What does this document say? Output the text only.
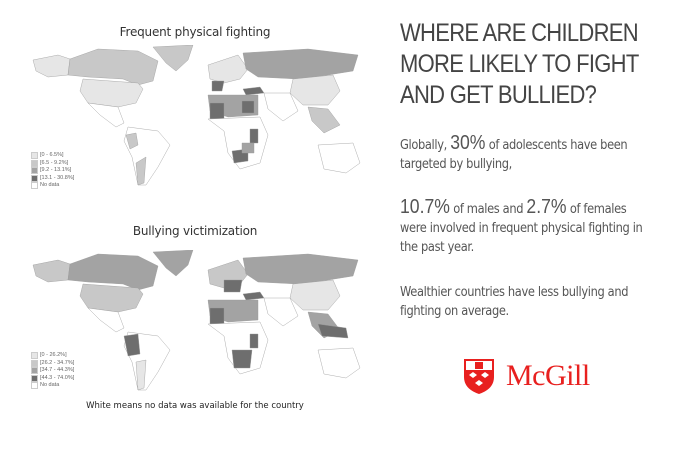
Frequent physical fighting
[0 - 6.5%]
[6.5 - 9.2%]
[9.2 - 13.1%]
[13.1 - 30.8%]
No data
Bullying victimization
[0 - 26.2%]
[26.2 - 34.7%]
[34.7 - 44.3%]
[44.3 - 74.0%]
No data
White means no data was available for the country
WHERE ARE CHILDREN
MORE LIKELY TO FIGHT
AND GET BULLIED?
Globally, 30% of adolescents have been targeted by bullying,
10.7% of males and 2.7% of females were involved in frequent physical fighting in the past year.
Wealthier countries have less bullying and fighting on average.
McGill
